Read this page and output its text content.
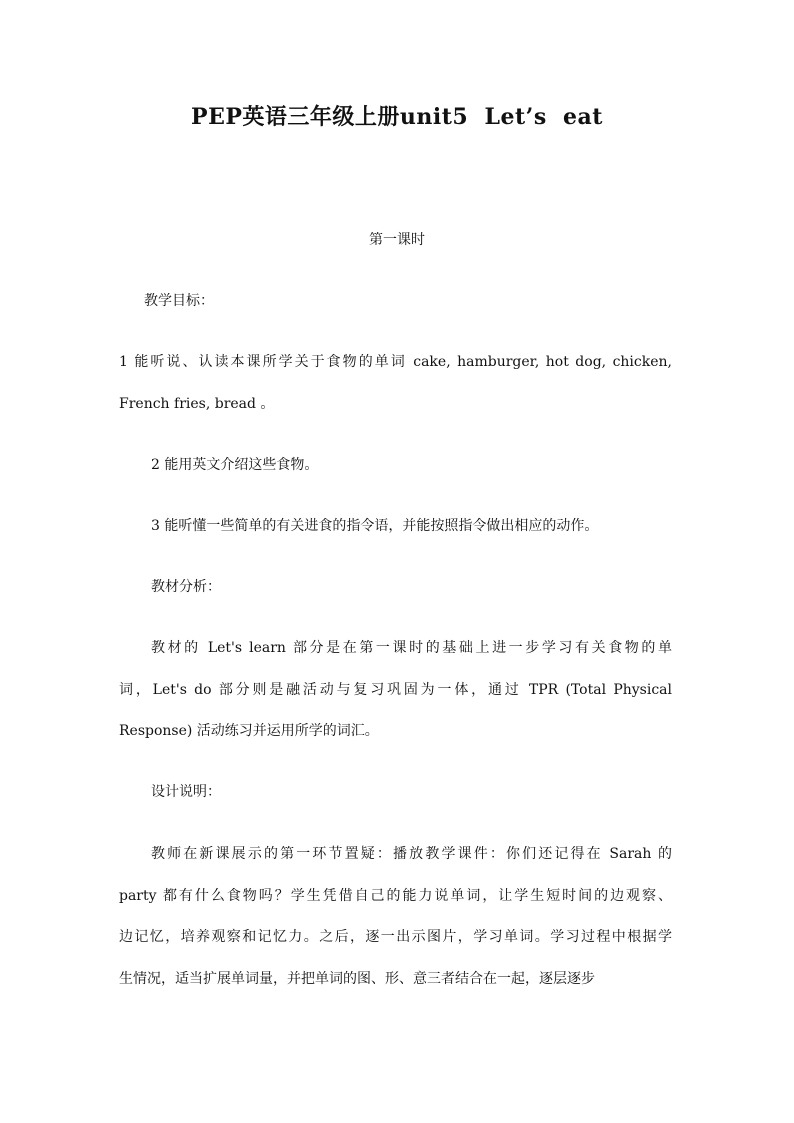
PEP英语三年级上册unit5  Let’s  eat
第一课时
教学目标：
1 能听说、认读本课所学关于食物的单词 cake, hamburger, hot dog, chicken,
French fries, bread 。
2 能用英文介绍这些食物。
3 能听懂一些简单的有关进食的指令语，并能按照指令做出相应的动作。
教材分析：
教材的 Let's learn 部分是在第一课时的基础上进一步学习有关食物的单
词，Let's do 部分则是融活动与复习巩固为一体，通过 TPR (Total Physical
Response) 活动练习并运用所学的词汇。
设计说明：
教师在新课展示的第一环节置疑：播放教学课件：你们还记得在 Sarah 的
party 都有什么食物吗？学生凭借自己的能力说单词，让学生短时间的边观察、
边记忆，培养观察和记忆力。之后，逐一出示图片，学习单词。学习过程中根据学
生情况，适当扩展单词量，并把单词的图、形、意三者结合在一起，逐层逐步
